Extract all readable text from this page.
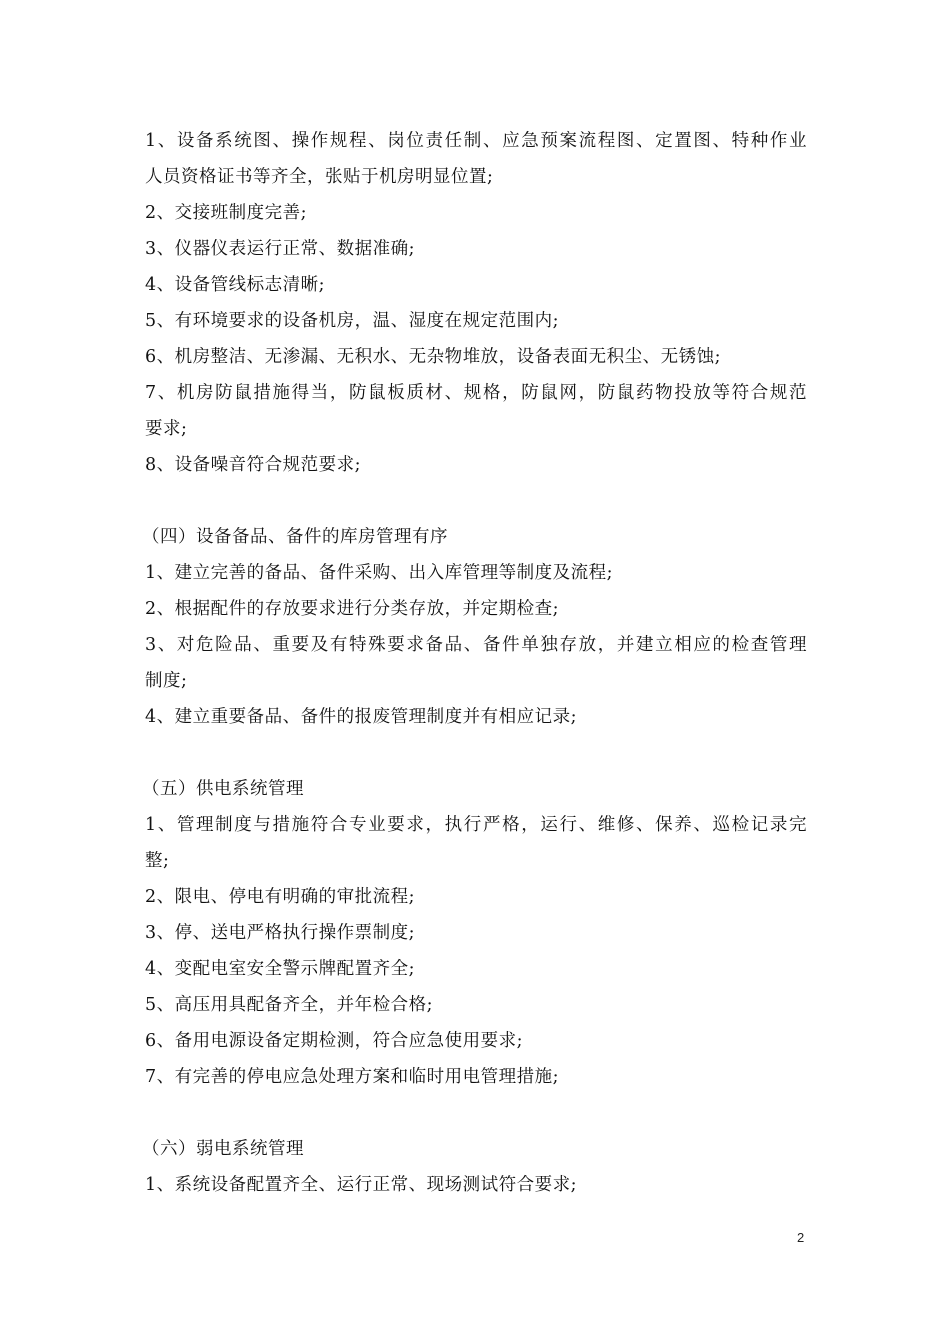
1、设备系统图、操作规程、岗位责任制、应急预案流程图、定置图、特种作业
人员资格证书等齐全，张贴于机房明显位置;
2、交接班制度完善;
3、仪器仪表运行正常、数据准确;
4、设备管线标志清晰;
5、有环境要求的设备机房，温、湿度在规定范围内;
6、机房整洁、无渗漏、无积水、无杂物堆放，设备表面无积尘、无锈蚀;
7、机房防鼠措施得当，防鼠板质材、规格，防鼠网，防鼠药物投放等符合规范
要求;
8、设备噪音符合规范要求;
（四）设备备品、备件的库房管理有序
1、建立完善的备品、备件采购、出入库管理等制度及流程;
2、根据配件的存放要求进行分类存放，并定期检查;
3、对危险品、重要及有特殊要求备品、备件单独存放，并建立相应的检查管理
制度;
4、建立重要备品、备件的报废管理制度并有相应记录;
（五）供电系统管理
1、管理制度与措施符合专业要求，执行严格，运行、维修、保养、巡检记录完
整;
2、限电、停电有明确的审批流程;
3、停、送电严格执行操作票制度;
4、变配电室安全警示牌配置齐全;
5、高压用具配备齐全，并年检合格;
6、备用电源设备定期检测，符合应急使用要求;
7、有完善的停电应急处理方案和临时用电管理措施;
（六）弱电系统管理
1、系统设备配置齐全、运行正常、现场测试符合要求;
2
